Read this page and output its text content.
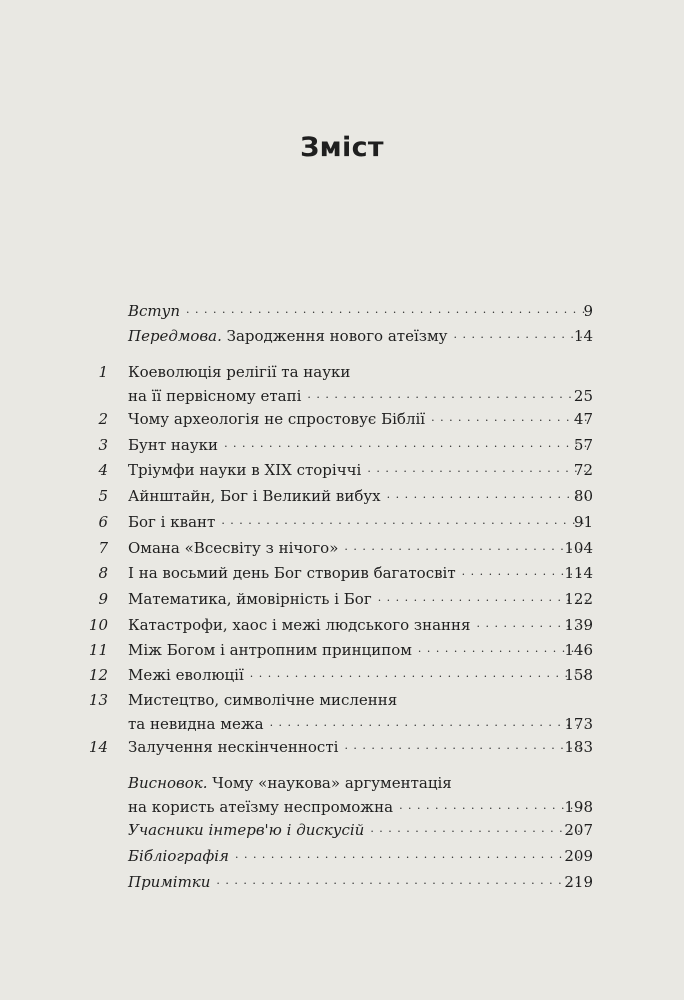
Зміст
Вступ · · ·	9
Передмова. Зародження нового атеїзму · · ·	14
1 Коеволюція релігії та науки
на її первісному етапі · · ·	25
2 Чому археологія не спростовує Біблії · · ·	47
3 Бунт науки · · ·	57
4 Тріумфи науки в XIX сторіччі · · ·	72
5 Айнштайн, Бог і Великий вибух · · ·	80
6 Бог і квант · · ·	91
7 Омана «Всесвіту з нічого» · · ·	104
8 І на восьмий день Бог створив багатосвіт · · ·	114
9 Математика, ймовірність і Бог · · ·	122
10 Катастрофи, хаос і межі людського знання · · ·	139
11 Між Богом і антропним принципом · · ·	146
12 Межі еволюції · · ·	158
13 Мистецтво, символічне мислення
та невидна межа · · ·	173
14 Залучення нескінченності · · ·	183
Висновок. Чому «наукова» аргументація
на користь атеїзму неспроможна · · ·	198
Учасники інтерв'ю і дискусій · · ·	207
Бібліографія · · ·	209
Примітки · · ·	219
